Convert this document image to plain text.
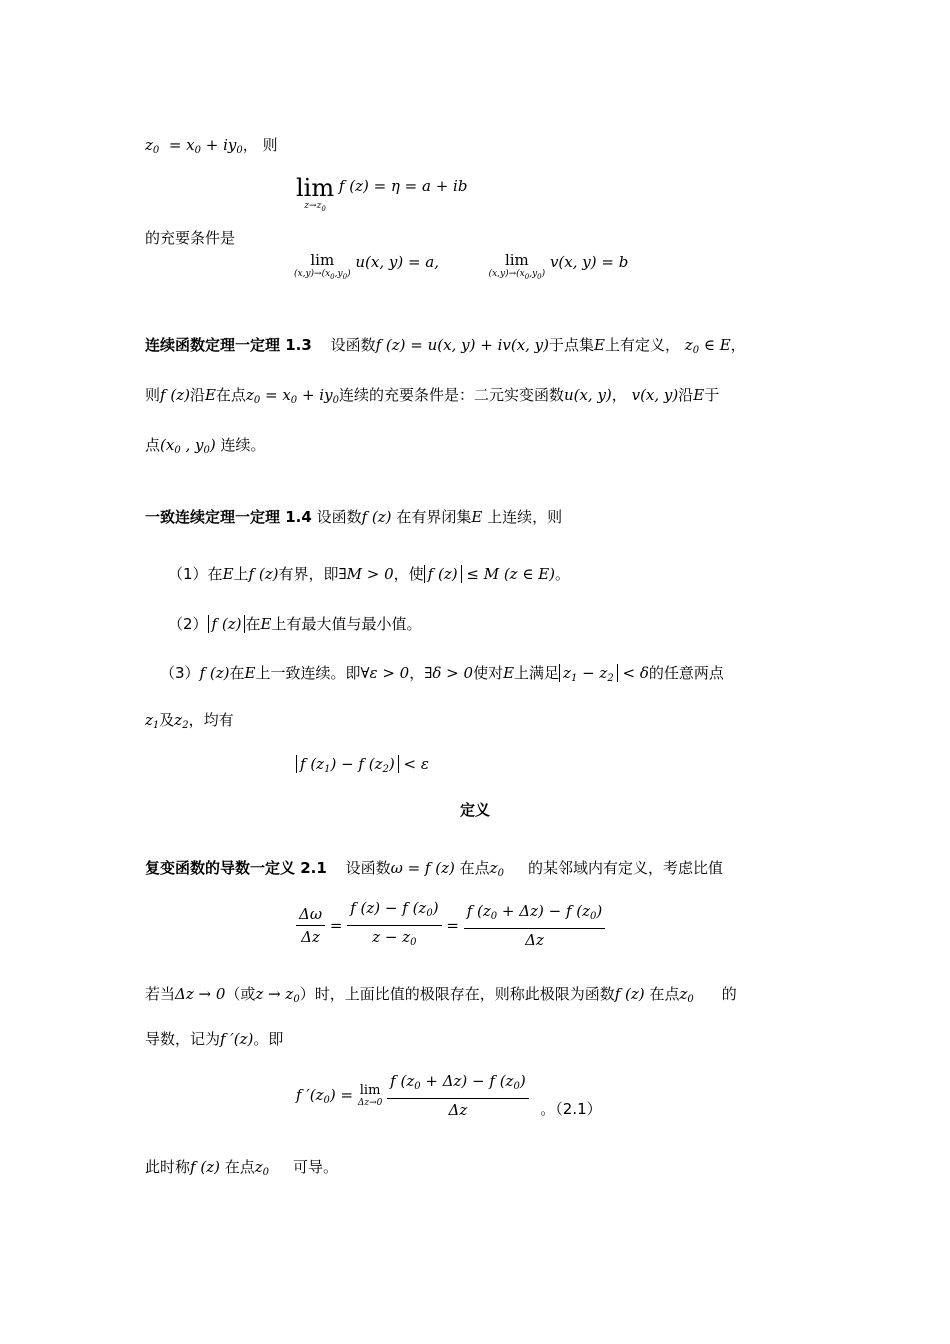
$z_0 = x_0 + iy_0$， 则
lim
$z\to z_0$
f (z) = η = a + ib
的充要条件是
lim
$(x,y)\to(x_0,y_0)$
u(x, y) = a,	lim
$(x,y)\to(x_0,y_0)$
v(x, y) = b
连续函数定理一定理 1.3 设函数f (z) = u(x, y) + iv(x, y)于点集E上有定义， $z_0$ ∈ E，
则f (z)沿E在点$z_0 = x_0 + iy_0$连续的充要条件是：二元实变函数u(x, y)， v(x, y)沿E于
点($x_0$ , $y_0$) 连续。
一致连续定理一定理 1.4 设函数f (z) 在有界闭集E 上连续，则
（1）在E上f (z)有界，即∃M > 0，使 f (z) ≤ M (z ∈ E)。
（2） f (z) 在E上有最大值与最小值。
（3）f (z)在E上一致连续。即∀ε > 0，∃δ > 0使对E上满足 $z_1 - z_2 < \delta$的任意两点
$z_1$及$z_2$，均有
f $(z_1) - f$ $(z_2) < \varepsilon$
定义
复变函数的导数一定义 2.1 设函数ω = f (z) 在点$z_0$ 的某邻域内有定义，考虑比值
$\frac{\Delta\omega}{\Delta z} = \frac{f (z) - f (z_0)}{z - z_0} = \frac{f (z_0 + \Delta z) - f (z_0)}{\Delta z}$
若当Δz → 0（或$z \to z_0$）时，上面比值的极限存在，则称此极限为函数f (z) 在点$z_0$ 的
导数，记为f ′(z)。即
f $'(z_0) = \lim$
Δz→0
$\frac{f (z_0 + \Delta z) - f (z_0)}{\Delta z}$ 。（2.1）
此时称f (z) 在点$z_0$ 可导。
